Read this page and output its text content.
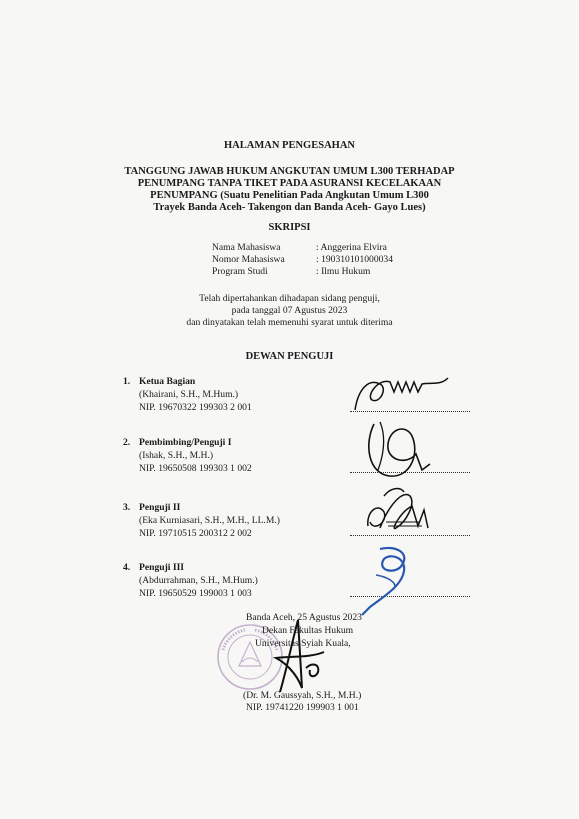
HALAMAN PENGESAHAN
TANGGUNG JAWAB HUKUM ANGKUTAN UMUM L300 TERHADAP
PENUMPANG TANPA TIKET PADA ASURANSI KECELAKAAN
PENUMPANG (Suatu Penelitian Pada Angkutan Umum L300
Trayek Banda Aceh- Takengon dan Banda Aceh- Gayo Lues)
SKRIPSI
Nama Mahasiswa	: Anggerina Elvira
Nomor Mahasiswa	: 190310101000034
Program Studi	: Ilmu Hukum
Telah dipertahankan dihadapan sidang penguji,
pada tanggal 07 Agustus 2023
dan dinyatakan telah memenuhi syarat untuk diterima
DEWAN PENGUJI
1. Ketua Bagian
(Khairani, S.H., M.Hum.)
NIP. 19670322 199303 2 001
2. Pembimbing/Penguji I
(Ishak, S.H., M.H.)
NIP. 19650508 199303 1 002
3. Penguji II
(Eka Kurniasari, S.H., M.H., LL.M.)
NIP. 19710515 200312 2 002
4. Penguji III
(Abdurrahman, S.H., M.Hum.)
NIP. 19650529 199003 1 003
Banda Aceh, 25 Agustus 2023
Dekan Fakultas Hukum
Universitas Syiah Kuala,
(Dr. M. Gaussyah, S.H., M.H.)
NIP. 19741220 199903 1 001
